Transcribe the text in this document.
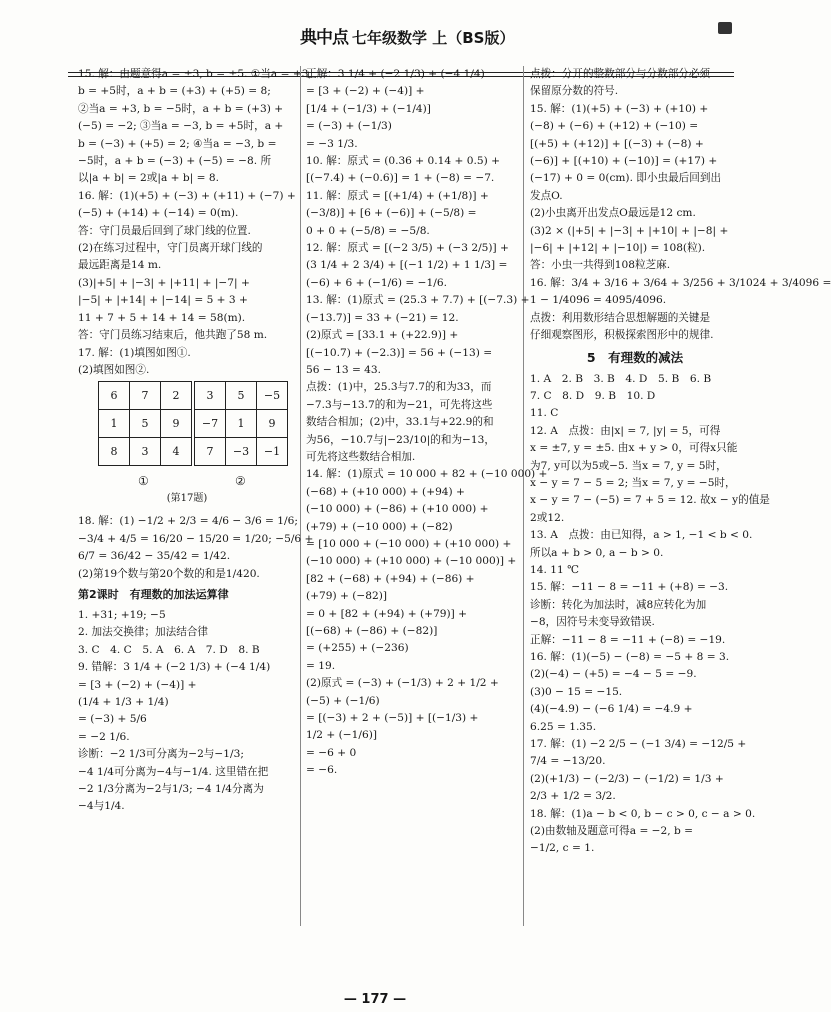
典中点 七年级数学 上（BS版）
15. 解：由题意得a = ±3, b = ±5. ①当a = +3,
b = +5时，a + b = (+3) + (+5) = 8;
②当a = +3, b = −5时，a + b = (+3) +
(−5) = −2; ③当a = −3, b = +5时，a +
b = (−3) + (+5) = 2; ④当a = −3, b =
−5时，a + b = (−3) + (−5) = −8. 所
以|a + b| = 2或|a + b| = 8.
16. 解：(1)(+5) + (−3) + (+11) + (−7) +
(−5) + (+14) + (−14) = 0(m).
答：守门员最后回到了球门线的位置.
(2)在练习过程中，守门员离开球门线的
最远距离是14 m.
(3)|+5| + |−3| + |+11| + |−7| +
|−5| + |+14| + |−14| = 5 + 3 +
11 + 7 + 5 + 14 + 14 = 58(m).
答：守门员练习结束后，他共跑了58 m.
17. 解：(1)填图如图①.
(2)填图如图②.
6	7	2
1	5	9
8	3	4
3	5	−5
−7	1	9
7	−3	−1
①	②
(第17题)
18. 解：(1) −1/2 + 2/3 = 4/6 − 3/6 = 1/6;
−3/4 + 4/5 = 16/20 − 15/20 = 1/20; −5/6 +
6/7 = 36/42 − 35/42 = 1/42.
(2)第19个数与第20个数的和是1/420.
第2课时　有理数的加法运算律
1. +31; +19; −5
2. 加法交换律；加法结合律
3. C　4. C　5. A　6. A　7. D　8. B
9. 错解：3 1/4 + (−2 1/3) + (−4 1/4)
= [3 + (−2) + (−4)] +
(1/4 + 1/3 + 1/4)
= (−3) + 5/6
= −2 1/6.
诊断：−2 1/3可分离为−2与−1/3;
−4 1/4可分离为−4与−1/4. 这里错在把
−2 1/3分离为−2与1/3; −4 1/4分离为
−4与1/4.
正解：3 1/4 + (−2 1/3) + (−4 1/4)
= [3 + (−2) + (−4)] +
[1/4 + (−1/3) + (−1/4)]
= (−3) + (−1/3)
= −3 1/3.
10. 解：原式 = (0.36 + 0.14 + 0.5) +
[(−7.4) + (−0.6)] = 1 + (−8) = −7.
11. 解：原式 = [(+1/4) + (+1/8)] +
(−3/8)] + [6 + (−6)] + (−5/8) =
0 + 0 + (−5/8) = −5/8.
12. 解：原式 = [(−2 3/5) + (−3 2/5)] +
(3 1/4 + 2 3/4) + [(−1 1/2) + 1 1/3] =
(−6) + 6 + (−1/6) = −1/6.
13. 解：(1)原式 = (25.3 + 7.7) + [(−7.3) +
(−13.7)] = 33 + (−21) = 12.
(2)原式 = [33.1 + (+22.9)] +
[(−10.7) + (−2.3)] = 56 + (−13) =
56 − 13 = 43.
点拨：(1)中，25.3与7.7的和为33，而
−7.3与−13.7的和为−21，可先将这些
数结合相加；(2)中，33.1与+22.9的和
为56，−10.7与|−23/10|的和为−13，
可先将这些数结合相加.
14. 解：(1)原式 = 10 000 + 82 + (−10 000) +
(−68) + (+10 000) + (+94) +
(−10 000) + (−86) + (+10 000) +
(+79) + (−10 000) + (−82)
= [10 000 + (−10 000) + (+10 000) +
(−10 000) + (+10 000) + (−10 000)] +
[82 + (−68) + (+94) + (−86) +
(+79) + (−82)]
= 0 + [82 + (+94) + (+79)] +
[(−68) + (−86) + (−82)]
= (+255) + (−236)
= 19.
(2)原式 = (−3) + (−1/3) + 2 + 1/2 +
(−5) + (−1/6)
= [(−3) + 2 + (−5)] + [(−1/3) +
1/2 + (−1/6)]
= −6 + 0
= −6.
点拨：分开的整数部分与分数部分必须
保留原分数的符号.
15. 解：(1)(+5) + (−3) + (+10) +
(−8) + (−6) + (+12) + (−10) =
[(+5) + (+12)] + [(−3) + (−8) +
(−6)] + [(+10) + (−10)] = (+17) +
(−17) + 0 = 0(cm). 即小虫最后回到出
发点O.
(2)小虫离开出发点O最远是12 cm.
(3)2 × (|+5| + |−3| + |+10| + |−8| +
|−6| + |+12| + |−10|) = 108(粒).
答：小虫一共得到108粒芝麻.
16. 解：3/4 + 3/16 + 3/64 + 3/256 + 3/1024 + 3/4096 =
1 − 1/4096 = 4095/4096.
点拨：利用数形结合思想解题的关键是
仔细观察图形，积极探索图形中的规律.
5　有理数的减法
1. A　2. B　3. B　4. D　5. B　6. B
7. C　8. D　9. B　10. D
11. C
12. A　点拨：由|x| = 7, |y| = 5，可得
x = ±7, y = ±5. 由x + y > 0，可得x只能
为7, y可以为5或−5. 当x = 7, y = 5时，
x − y = 7 − 5 = 2; 当x = 7, y = −5时，
x − y = 7 − (−5) = 7 + 5 = 12. 故x − y的值是
2或12.
13. A　点拨：由已知得，a > 1, −1 < b < 0.
所以a + b > 0, a − b > 0.
14. 11 ℃
15. 解：−11 − 8 = −11 + (+8) = −3.
诊断：转化为加法时，减8应转化为加
−8，因符号未变导致错误.
正解：−11 − 8 = −11 + (−8) = −19.
16. 解：(1)(−5) − (−8) = −5 + 8 = 3.
(2)(−4) − (+5) = −4 − 5 = −9.
(3)0 − 15 = −15.
(4)(−4.9) − (−6 1/4) = −4.9 +
6.25 = 1.35.
17. 解：(1) −2 2/5 − (−1 3/4) = −12/5 +
7/4 = −13/20.
(2)(+1/3) − (−2/3) − (−1/2) = 1/3 +
2/3 + 1/2 = 3/2.
18. 解：(1)a − b < 0, b − c > 0, c − a > 0.
(2)由数轴及题意可得a = −2, b =
−1/2, c = 1.
— 177 —
